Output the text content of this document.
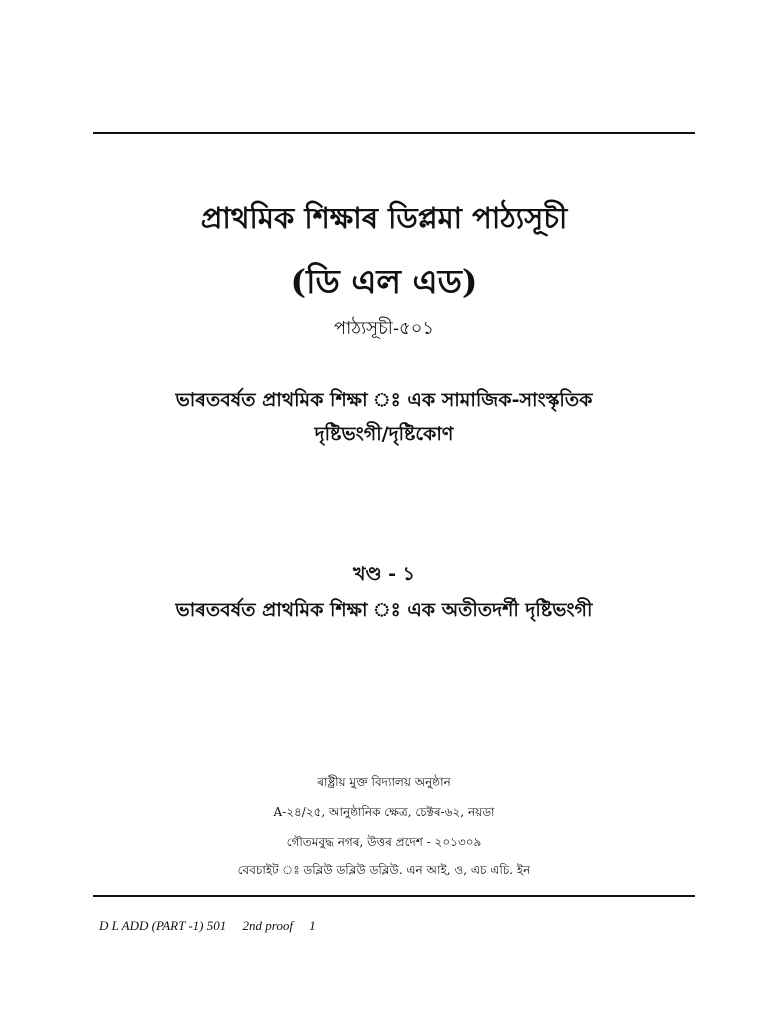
প্ৰাথমিক শিক্ষাৰ ডিপ্লমা পাঠ্যসূচী
(ডি এল এড)
পাঠ্যসূচী-৫০১
ভাৰতবৰ্ষত প্ৰাথমিক শিক্ষা ঃ এক সামাজিক-সাংস্কৃতিক
দৃষ্টিভংগী/দৃষ্টিকোণ
খণ্ড - ১
ভাৰতবৰ্ষত প্ৰাথমিক শিক্ষা ঃ এক অতীতদৰ্শী দৃষ্টিভংগী
ৰাষ্ট্ৰীয় মুক্ত বিদ্যালয় অনুষ্ঠান
A-২৪/২৫, আনুষ্ঠানিক ক্ষেত্ৰ, চেক্টৰ-৬২, নয়ডা
গৌতমবুদ্ধ নগৰ, উত্তৰ প্ৰদেশ - ২০১৩০৯
বেবচাইট ঃ ডব্লিউ ডব্লিউ ডব্লিউ. এন আই, ও, এচ এচি. ইন
D L ADD (PART -1) 501     2nd proof     1
